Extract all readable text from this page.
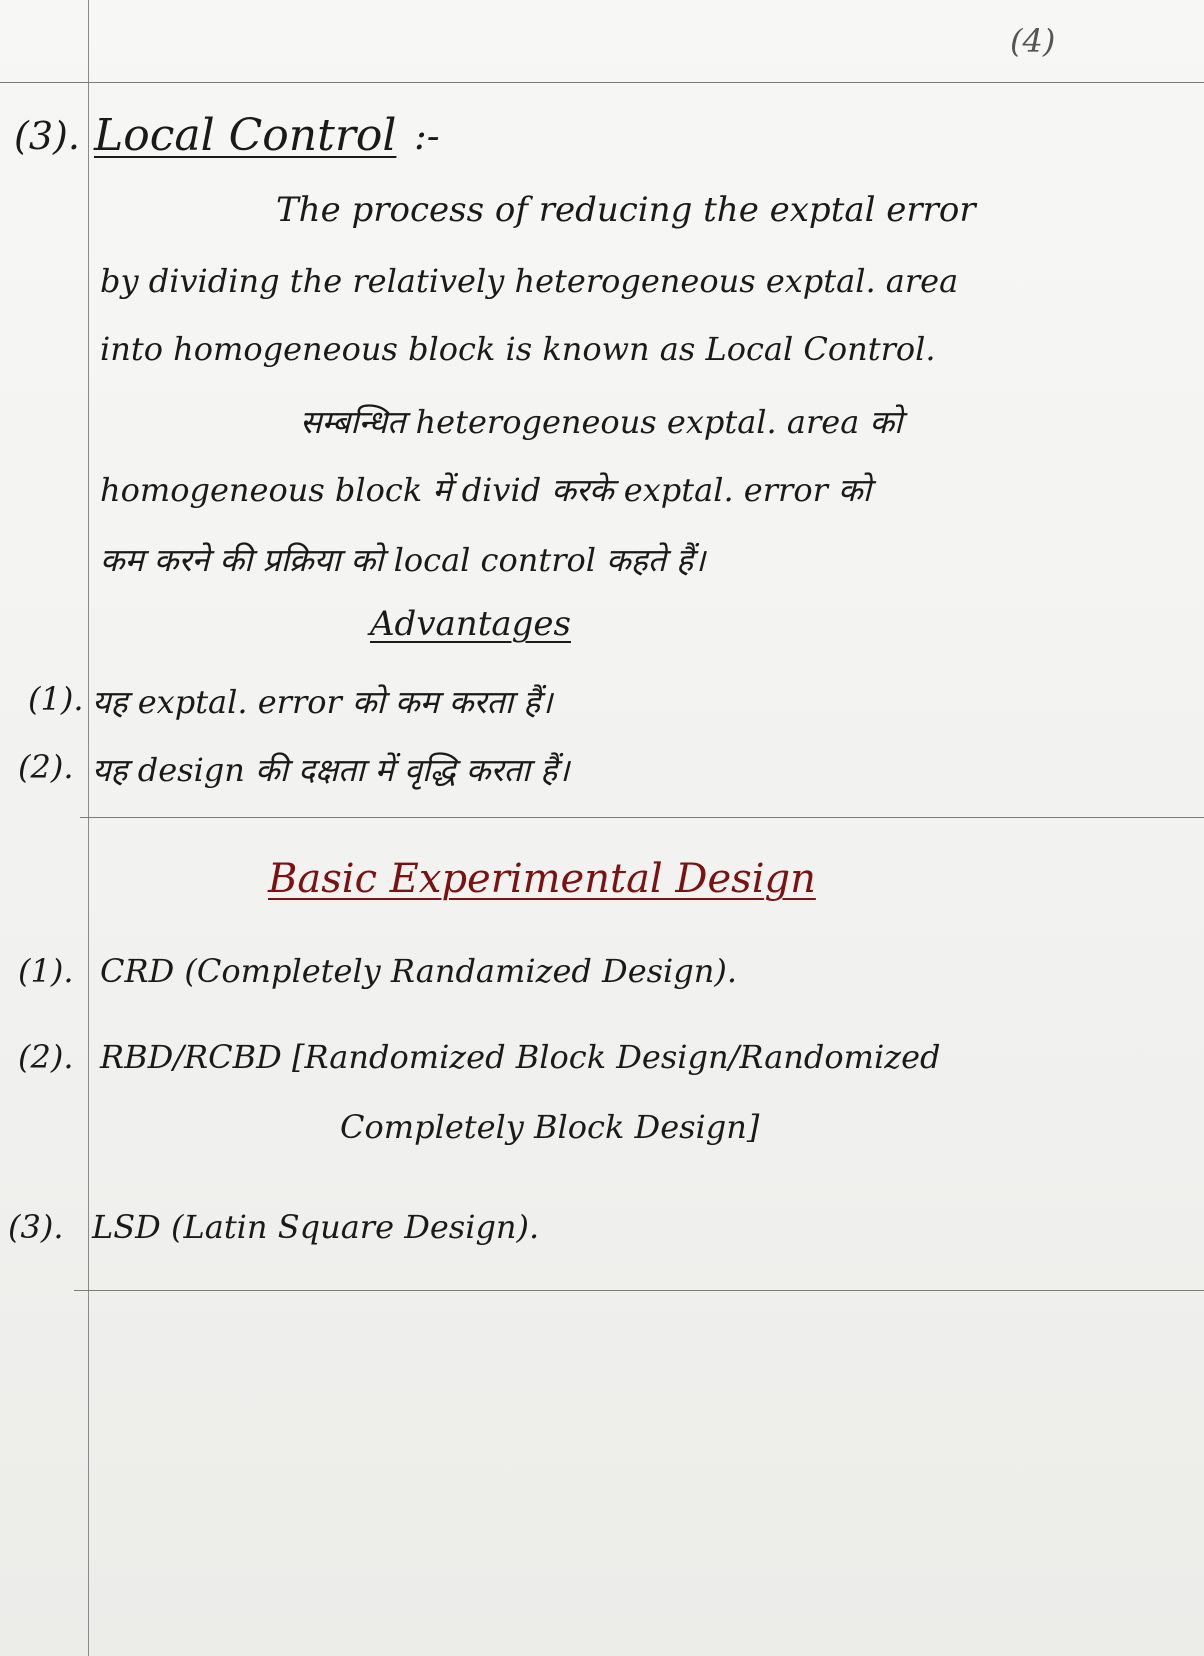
(4)
(3). Local Control :-
The process of reducing the exptal error
by dividing the relatively heterogeneous exptal. area
into homogeneous block is known as Local Control.
सम्बन्धित heterogeneous exptal. area को
homogeneous block में divid करके exptal. error को
कम करने की प्रक्रिया को local control कहते हैं।
Advantages
(1). यह exptal. error को कम करता हैं।
(2). यह design की दक्षता में वृद्धि करता हैं।
Basic Experimental Design
(1). CRD (Completely Randamized Design).
(2). RBD/RCBD [Randomized Block Design/Randomized
Completely Block Design]
(3). LSD (Latin Square Design).
